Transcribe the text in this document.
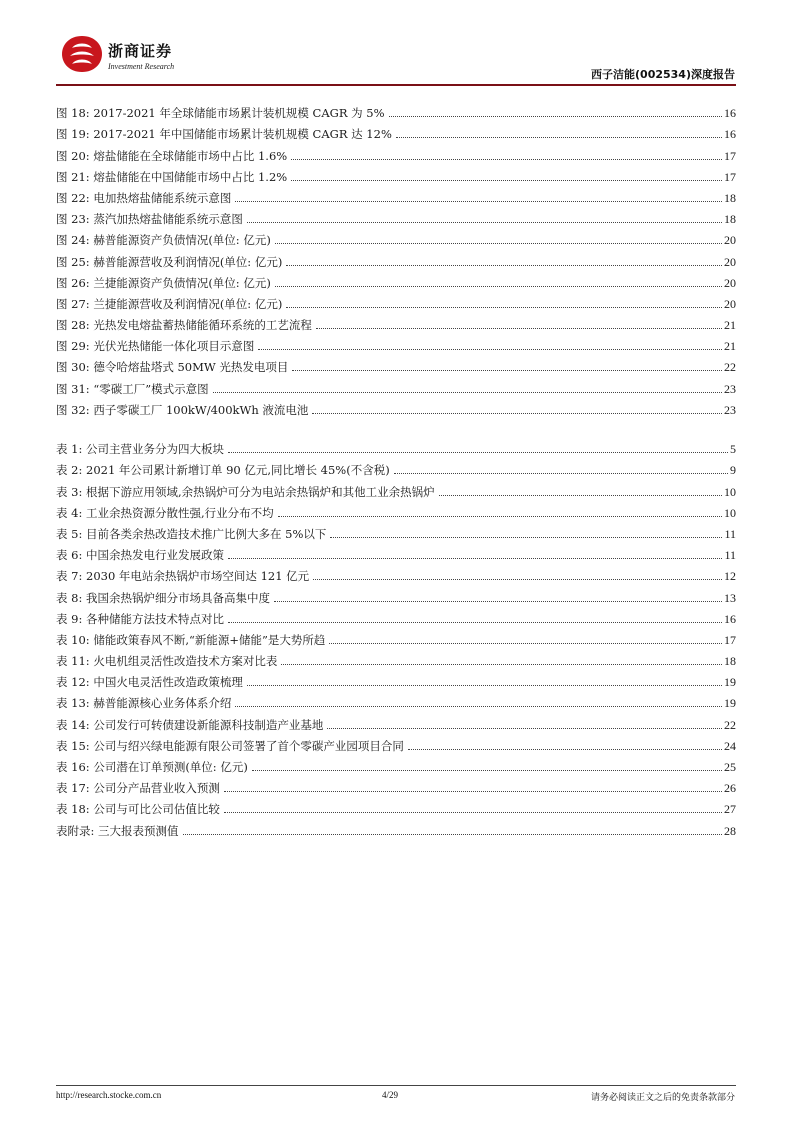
浙商证券
Investment Research
西子洁能(002534)深度报告
图 18: 2017-2021 年全球储能市场累计装机规模 CAGR 为 5%	16
图 19: 2017-2021 年中国储能市场累计装机规模 CAGR 达 12%	16
图 20: 熔盐储能在全球储能市场中占比 1.6%	17
图 21: 熔盐储能在中国储能市场中占比 1.2%	17
图 22: 电加热熔盐储能系统示意图	18
图 23: 蒸汽加热熔盐储能系统示意图	18
图 24: 赫普能源资产负债情况(单位: 亿元)	20
图 25: 赫普能源营收及利润情况(单位: 亿元)	20
图 26: 兰捷能源资产负债情况(单位: 亿元)	20
图 27: 兰捷能源营收及利润情况(单位: 亿元)	20
图 28: 光热发电熔盐蓄热储能循环系统的工艺流程	21
图 29: 光伏光热储能一体化项目示意图	21
图 30: 德令哈熔盐塔式 50MW 光热发电项目	22
图 31: “零碳工厂”模式示意图	23
图 32: 西子零碳工厂 100kW/400kWh 液流电池	23
表 1: 公司主营业务分为四大板块	5
表 2: 2021 年公司累计新增订单 90 亿元,同比增长 45%(不含税)	9
表 3: 根据下游应用领域,余热锅炉可分为电站余热锅炉和其他工业余热锅炉	10
表 4: 工业余热资源分散性强,行业分布不均	10
表 5: 目前各类余热改造技术推广比例大多在 5%以下	11
表 6: 中国余热发电行业发展政策	11
表 7: 2030 年电站余热锅炉市场空间达 121 亿元	12
表 8: 我国余热锅炉细分市场具备高集中度	13
表 9: 各种储能方法技术特点对比	16
表 10: 储能政策春风不断,“新能源+储能”是大势所趋	17
表 11: 火电机组灵活性改造技术方案对比表	18
表 12: 中国火电灵活性改造政策梳理	19
表 13: 赫普能源核心业务体系介绍	19
表 14: 公司发行可转债建设新能源科技制造产业基地	22
表 15: 公司与绍兴绿电能源有限公司签署了首个零碳产业园项目合同	24
表 16: 公司潜在订单预测(单位: 亿元)	25
表 17: 公司分产品营业收入预测	26
表 18: 公司与可比公司估值比较	27
表附录: 三大报表预测值	28
http://research.stocke.com.cn	4/29	请务必阅读正文之后的免责条款部分
